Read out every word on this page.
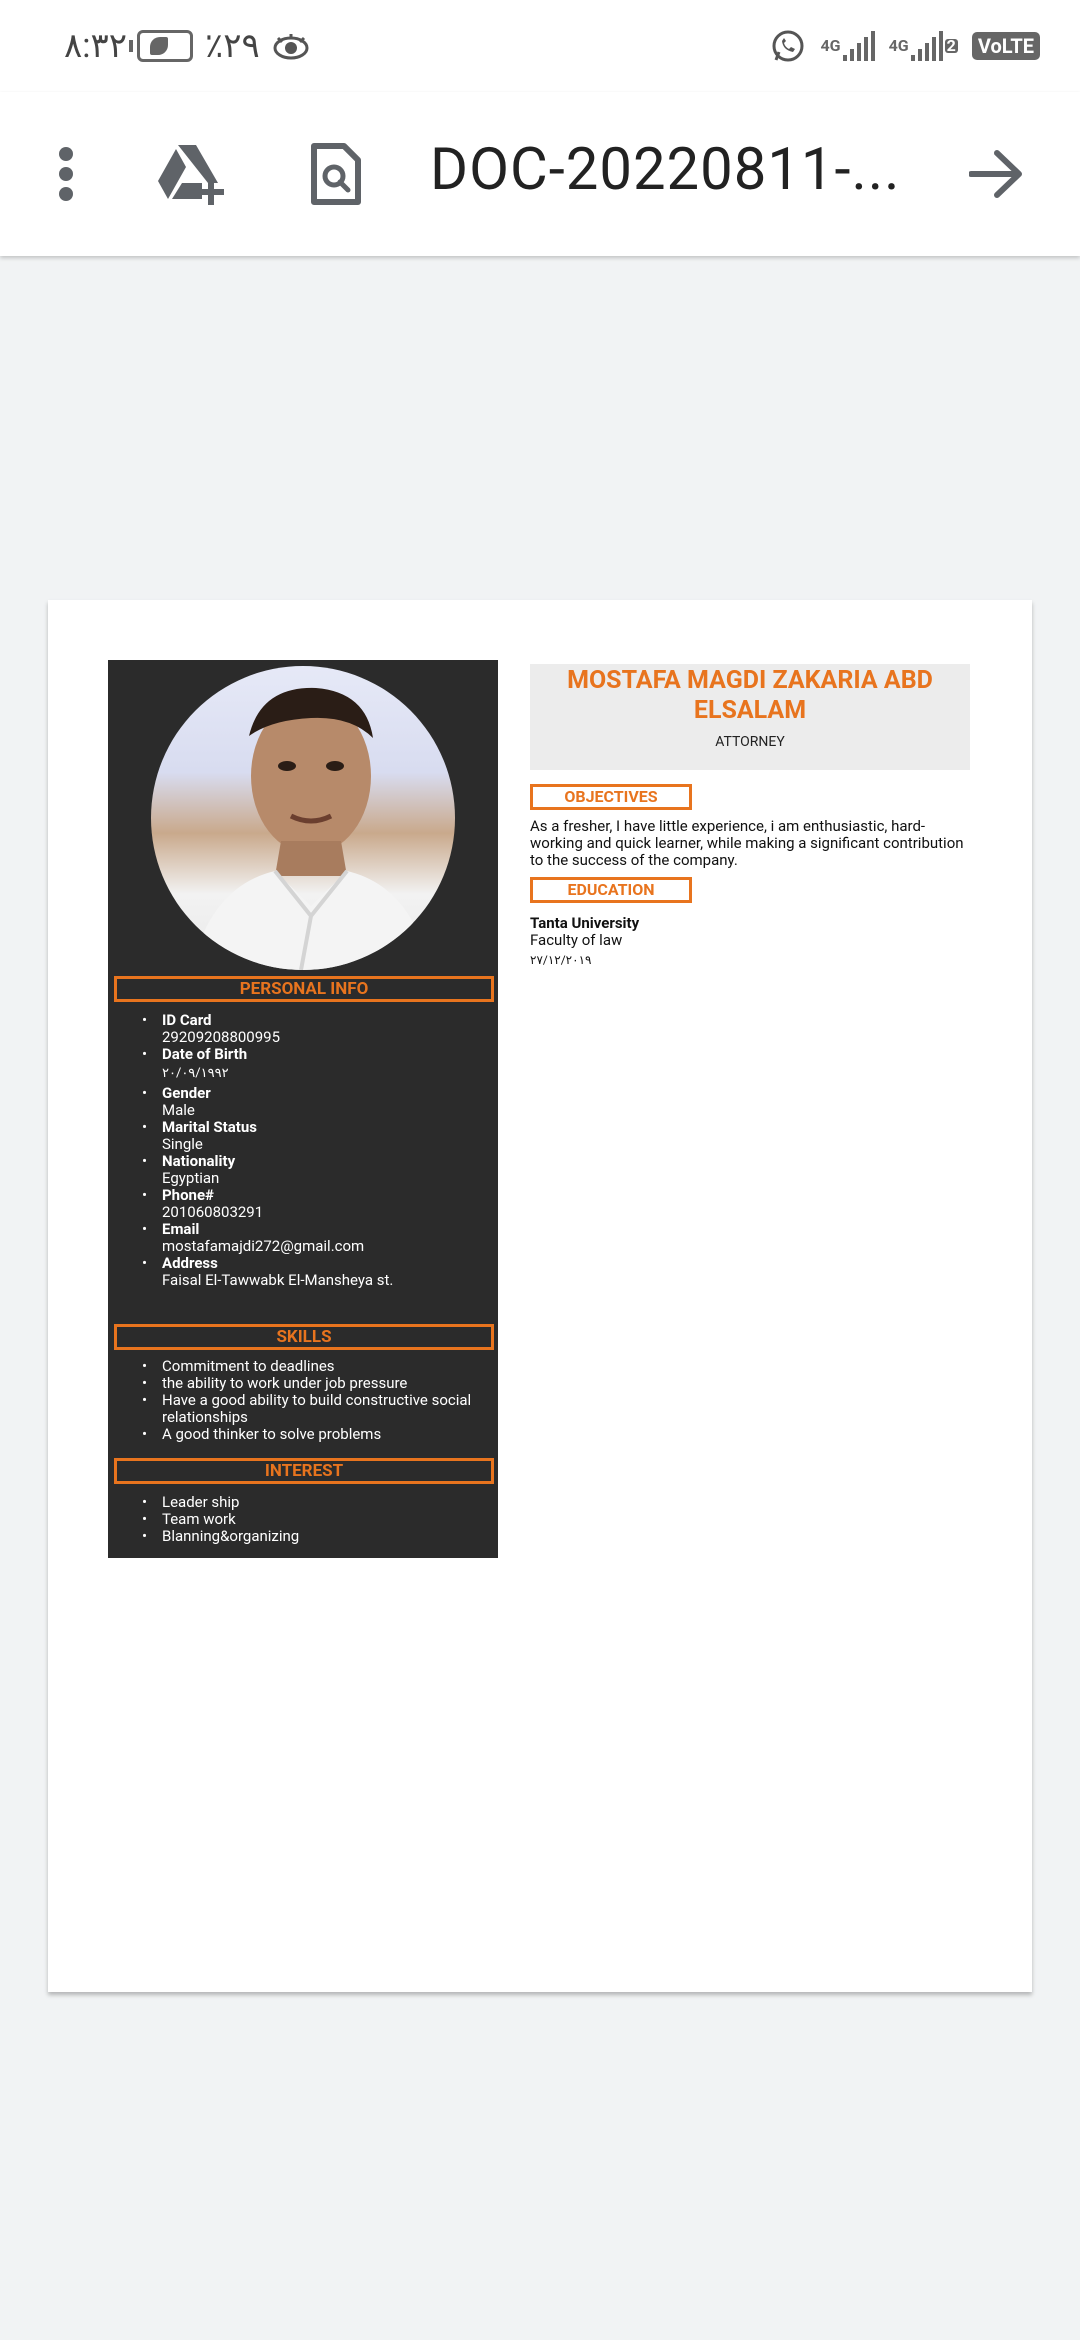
٨:٣٢ ٪٢٩	4G	4G 2	VoLTE
DOC-20220811-...
PERSONAL INFO
• ID Card
29209208800995
• Date of Birth
٢٠/٠٩/١٩٩٢
• Gender
Male
• Marital Status
Single
• Nationality
Egyptian
• Phone#
201060803291
• Email
mostafamajdi272@gmail.com
• Address
Faisal El-Tawwabk El-Mansheya st.
SKILLS
• Commitment to deadlines
• the ability to work under job pressure
• Have a good ability to build constructive social relationships
• A good thinker to solve problems
INTEREST
• Leader ship
• Team work
• Blanning&organizing
MOSTAFA MAGDI ZAKARIA ABD ELSALAM
ATTORNEY
OBJECTIVES
As a fresher, I have little experience, i am enthusiastic, hard-working and quick learner, while making a significant contribution to the success of the company.
EDUCATION
Tanta University
Faculty of law
٢٧/١٢/٢٠١٩
